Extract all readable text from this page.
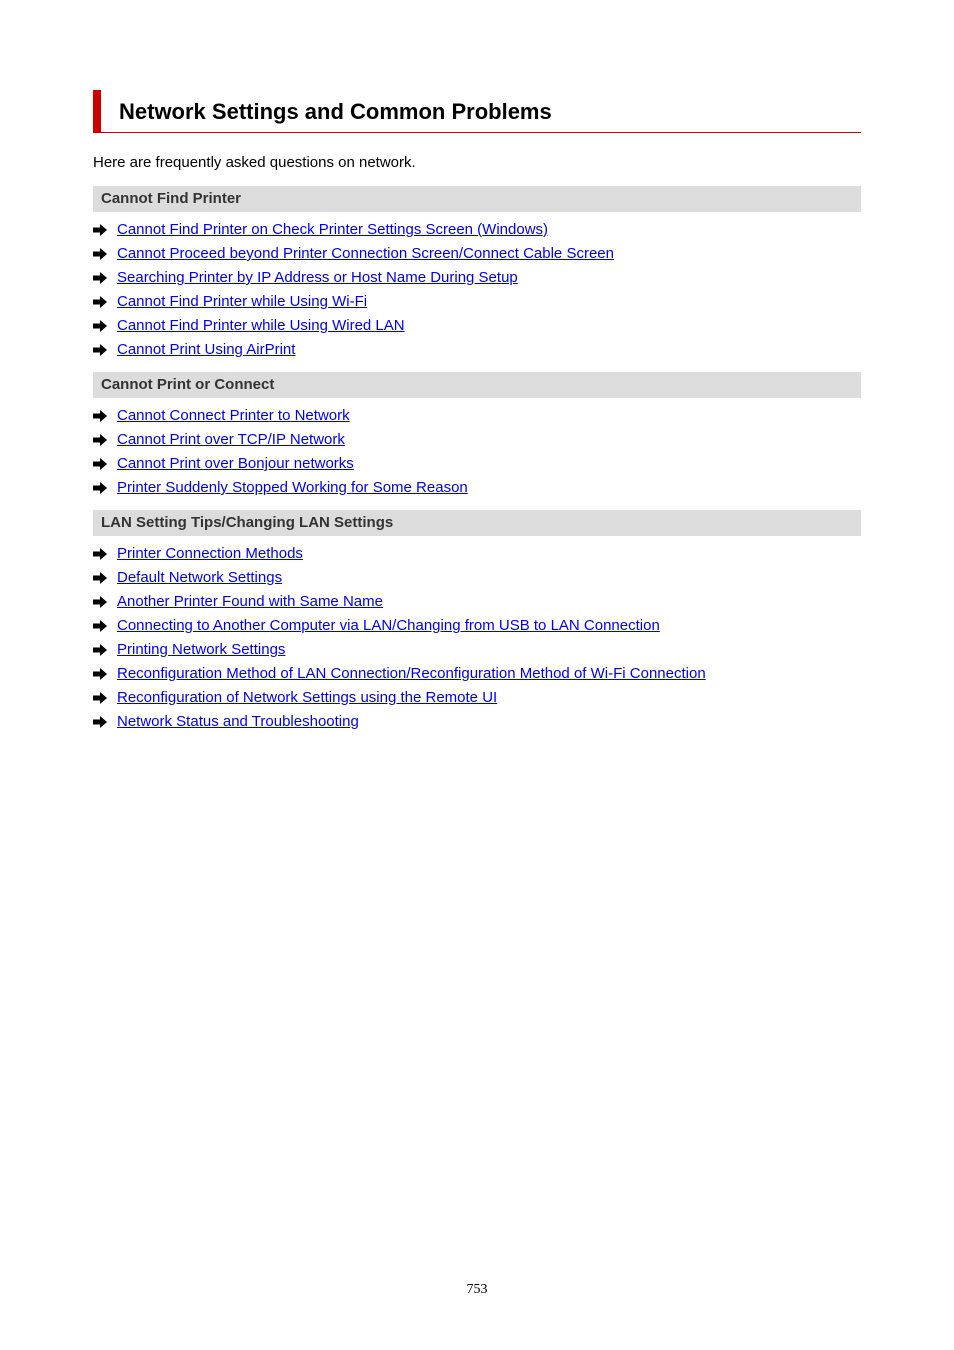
Network Settings and Common Problems
Here are frequently asked questions on network.
Cannot Find Printer
Cannot Find Printer on Check Printer Settings Screen (Windows)
Cannot Proceed beyond Printer Connection Screen/Connect Cable Screen
Searching Printer by IP Address or Host Name During Setup
Cannot Find Printer while Using Wi-Fi
Cannot Find Printer while Using Wired LAN
Cannot Print Using AirPrint
Cannot Print or Connect
Cannot Connect Printer to Network
Cannot Print over TCP/IP Network
Cannot Print over Bonjour networks
Printer Suddenly Stopped Working for Some Reason
LAN Setting Tips/Changing LAN Settings
Printer Connection Methods
Default Network Settings
Another Printer Found with Same Name
Connecting to Another Computer via LAN/Changing from USB to LAN Connection
Printing Network Settings
Reconfiguration Method of LAN Connection/Reconfiguration Method of Wi-Fi Connection
Reconfiguration of Network Settings using the Remote UI
Network Status and Troubleshooting
753
